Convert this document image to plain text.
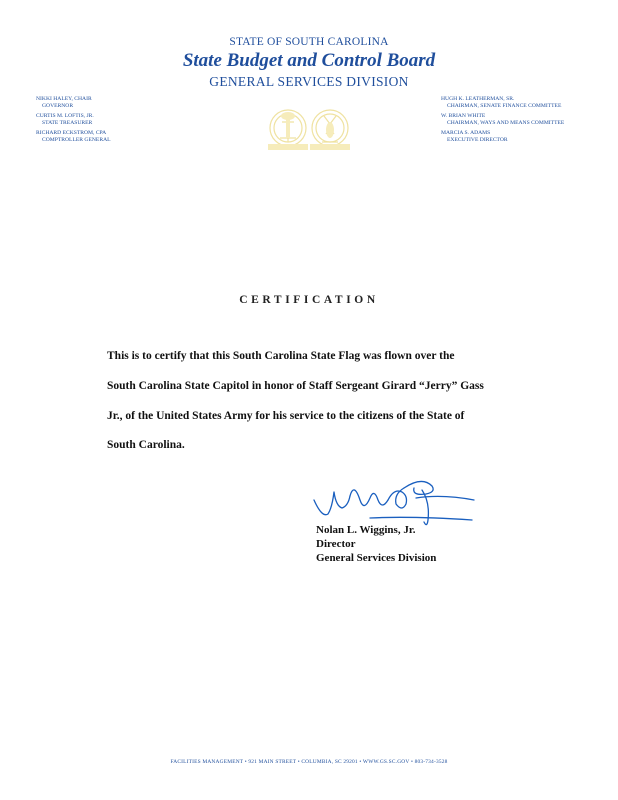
STATE OF SOUTH CAROLINA
State Budget and Control Board
GENERAL SERVICES DIVISION
NIKKI HALEY, CHAIR
GOVERNOR
CURTIS M. LOFTIS, JR.
STATE TREASURER
RICHARD ECKSTROM, CPA
COMPTROLLER GENERAL
HUGH K. LEATHERMAN, SR.
CHAIRMAN, SENATE FINANCE COMMITTEE
W. BRIAN WHITE
CHAIRMAN, WAYS AND MEANS COMMITTEE
MARCIA S. ADAMS
EXECUTIVE DIRECTOR
CERTIFICATION
This is to certify that this South Carolina State Flag was flown over the
South Carolina State Capitol in honor of Staff Sergeant Girard “Jerry” Gass
Jr., of the United States Army for his service to the citizens of the State of
South Carolina.
Nolan L. Wiggins, Jr.
Director
General Services Division
FACILITIES MANAGEMENT • 921 MAIN STREET • COLUMBIA, SC 29201 • WWW.GS.SC.GOV • 803-734-3528
